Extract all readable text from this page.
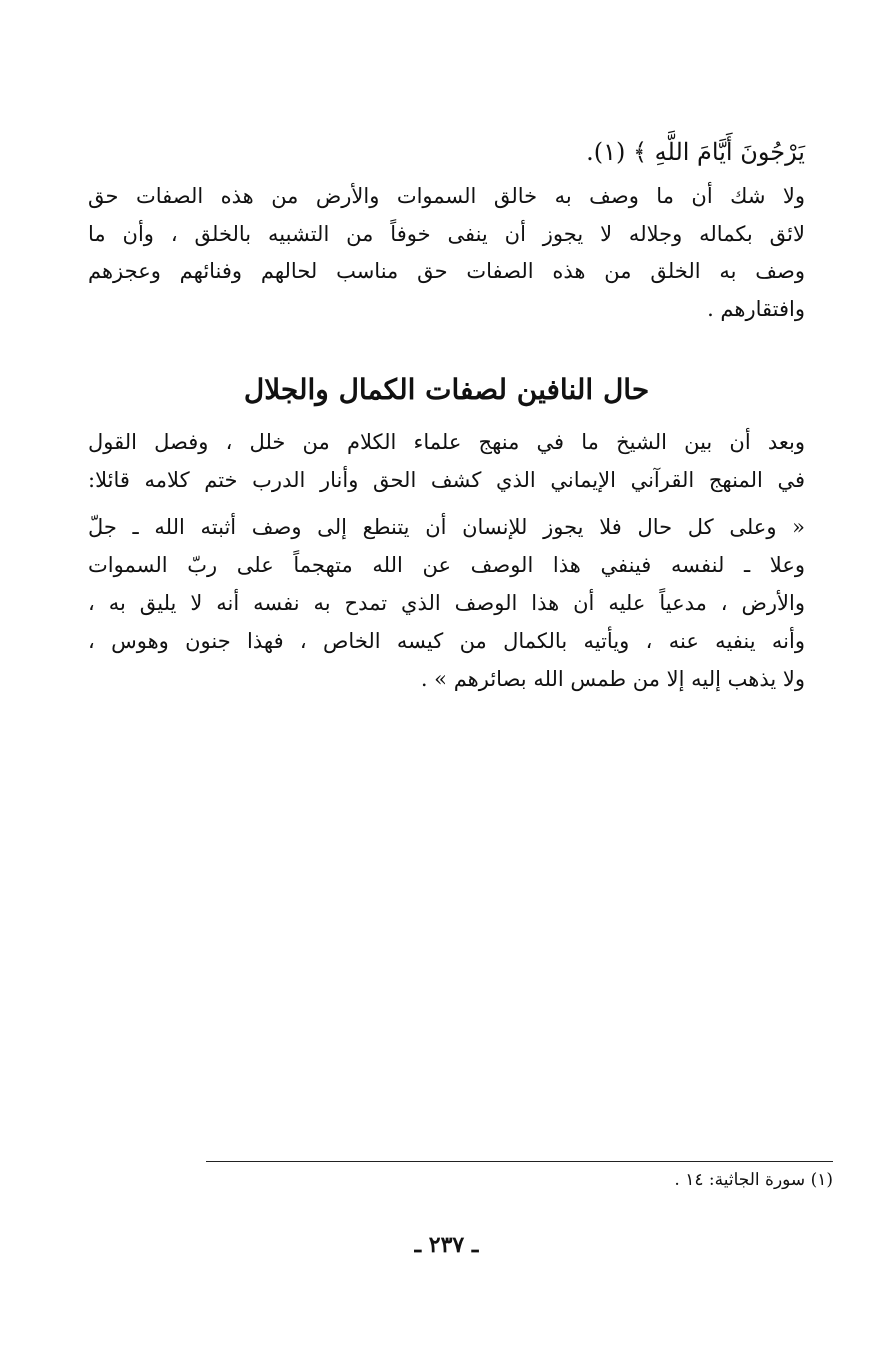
يَرْجُونَ أَيَّامَ اللَّهِ ﴾ (١).
ولا شك أن ما وصف به خالق السموات والأرض من هذه الصفات حق
لائق بكماله وجلاله لا يجوز أن ينفى خوفاً من التشبيه بالخلق ، وأن ما
وصف به الخلق من هذه الصفات حق مناسب لحالهم وفنائهم وعجزهم
وافتقارهم .
حال النافين لصفات الكمال والجلال
وبعد أن بين الشيخ ما في منهج علماء الكلام من خلل ، وفصل القول
في المنهج القرآني الإيماني الذي كشف الحق وأنار الدرب ختم كلامه قائلا:
« وعلى كل حال فلا يجوز للإنسان أن يتنطع إلى وصف أثبته الله ـ جلّ
وعلا ـ لنفسه فينفي هذا الوصف عن الله متهجماً على ربّ السموات
والأرض ، مدعياً عليه أن هذا الوصف الذي تمدح به نفسه أنه لا يليق به ،
وأنه ينفيه عنه ، ويأتيه بالكمال من كيسه الخاص ، فهذا جنون وهوس ،
ولا يذهب إليه إلا من طمس الله بصائرهم » .
(١) سورة الجاثية: ١٤ .
ـ ٢٣٧ ـ
